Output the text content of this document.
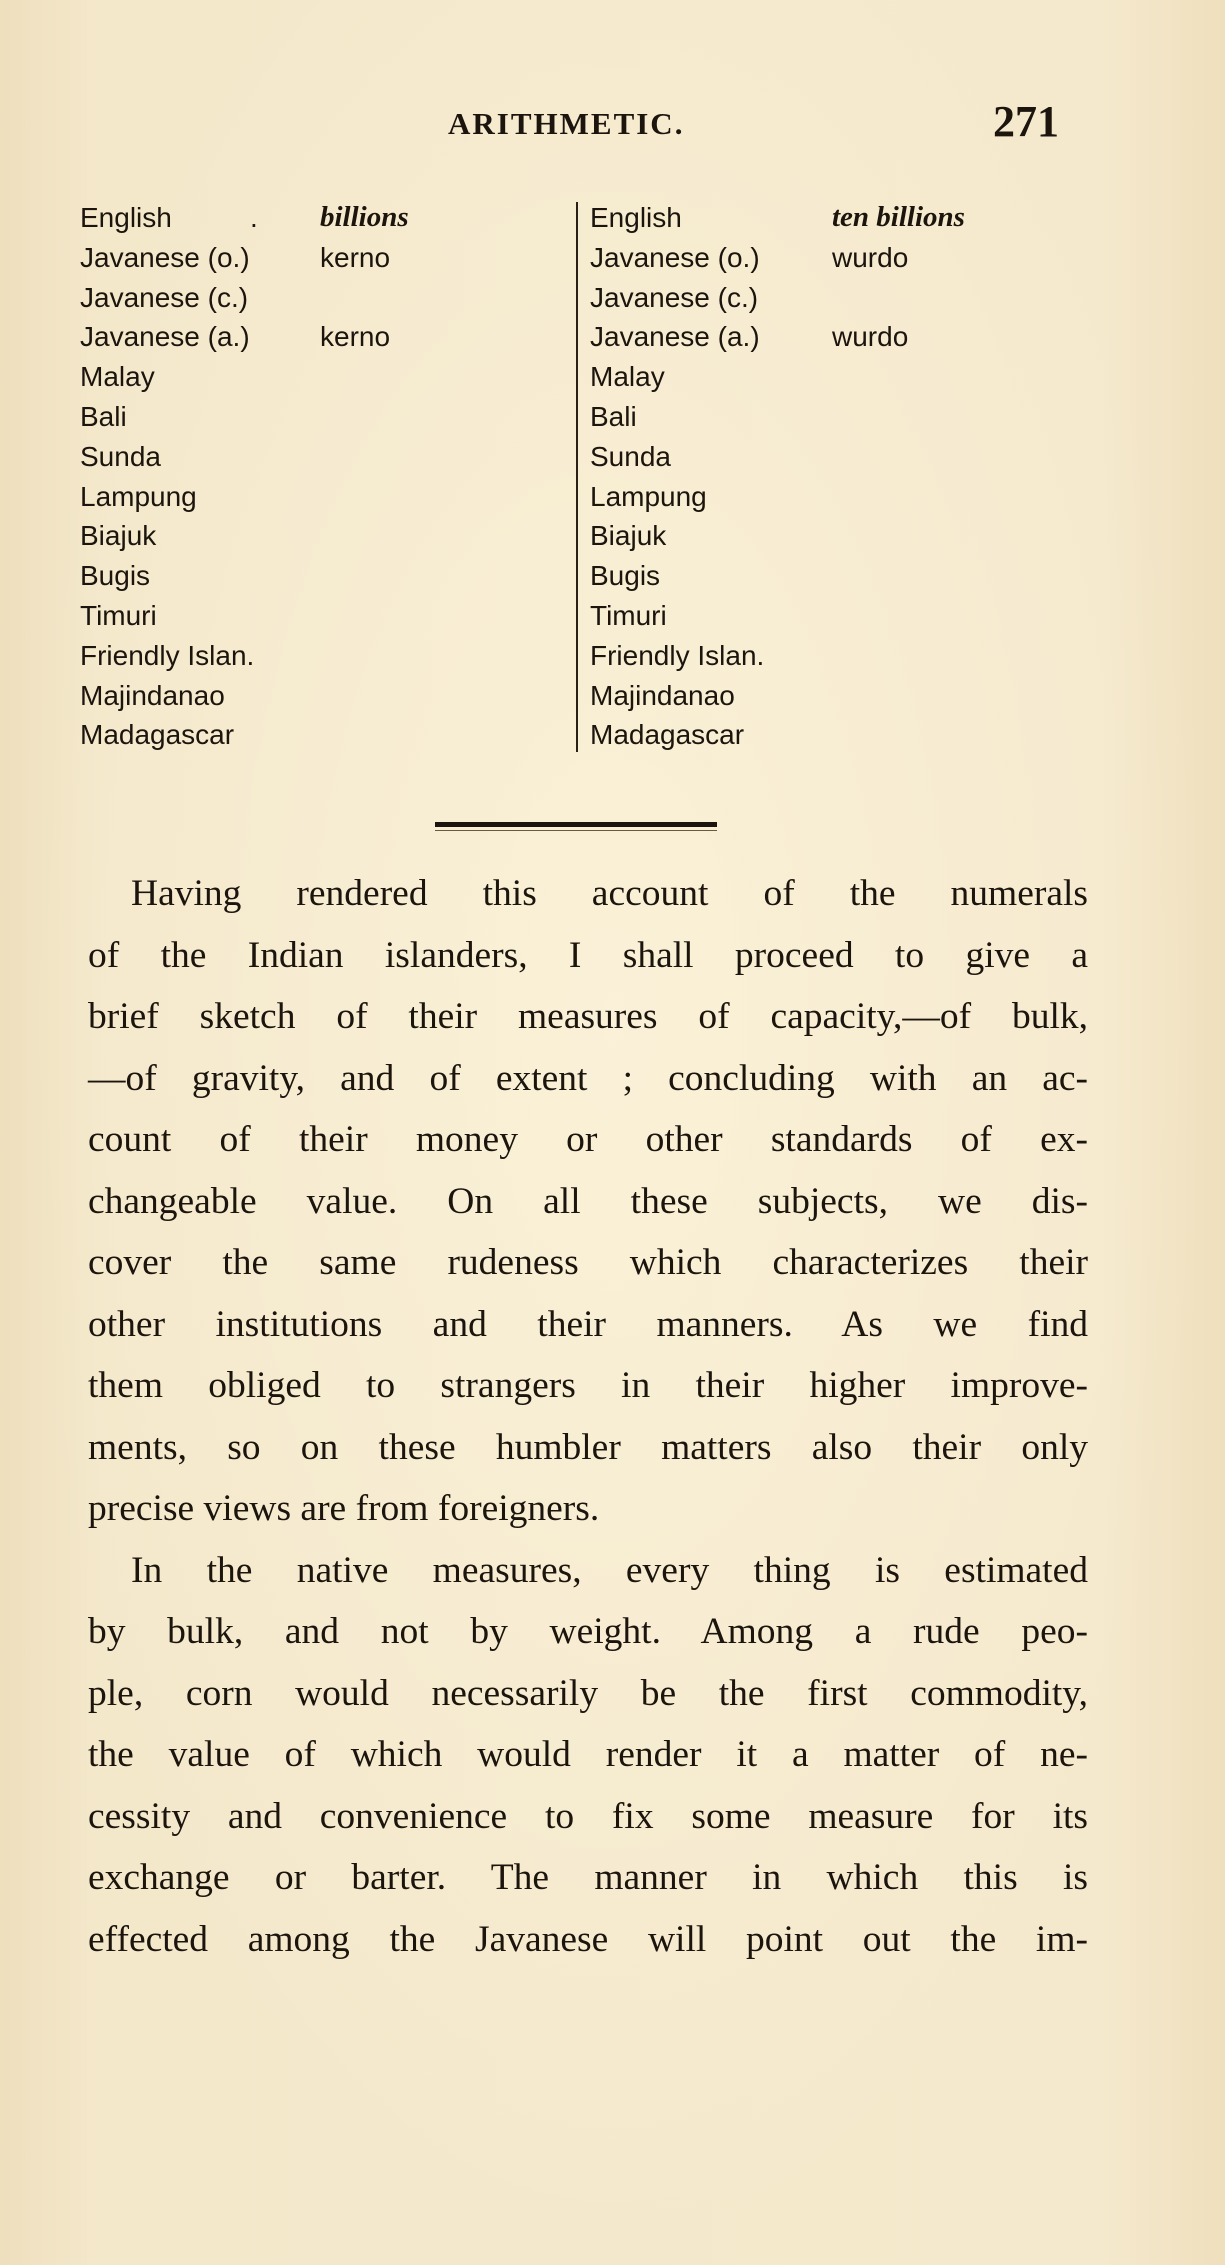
ARITHMETIC.	271
English	. billions
Javanese (o.)	kerno
Javanese (c.)
Javanese (a.)	kerno
Malay
Bali
Sunda
Lampung
Biajuk
Bugis
Timuri
Friendly Islan.
Majindanao
Madagascar
English	ten billions
Javanese (o.)	wurdo
Javanese (c.)
Javanese (a.)	wurdo
Malay
Bali
Sunda
Lampung
Biajuk
Bugis
Timuri
Friendly Islan.
Majindanao
Madagascar
Having rendered this account of the numerals
of the Indian islanders, I shall proceed to give a
brief sketch of their measures of capacity,—of bulk,
—of gravity, and of extent ; concluding with an ac-
count of their money or other standards of ex-
changeable value. On all these subjects, we dis-
cover the same rudeness which characterizes their
other institutions and their manners. As we find
them obliged to strangers in their higher improve-
ments, so on these humbler matters also their only
precise views are from foreigners.
In the native measures, every thing is estimated
by bulk, and not by weight. Among a rude peo-
ple, corn would necessarily be the first commodity,
the value of which would render it a matter of ne-
cessity and convenience to fix some measure for its
exchange or barter. The manner in which this is
effected among the Javanese will point out the im-
